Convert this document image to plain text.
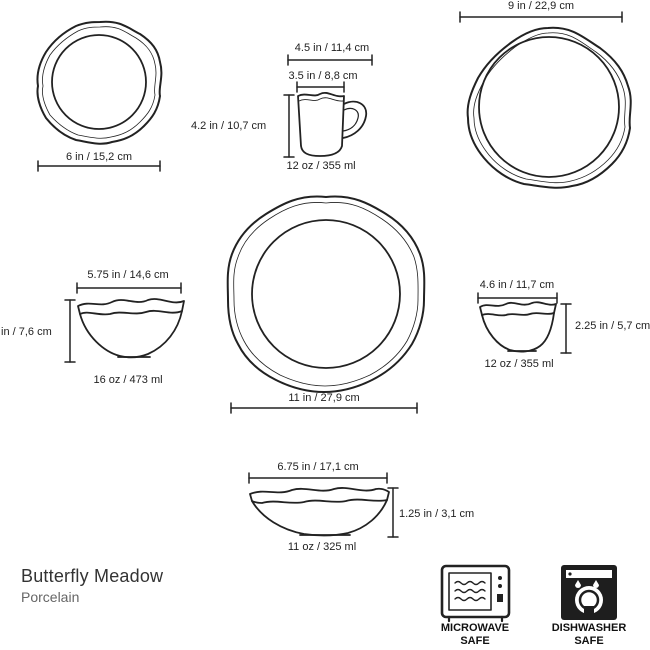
6 in / 15,2 cm
4.5 in / 11,4 cm
3.5 in / 8,8 cm
4.2 in / 10,7 cm
12 oz / 355 ml
9 in / 22,9 cm
5.75 in / 14,6 cm
in / 7,6 cm
16 oz / 473 ml
11 in / 27,9 cm
4.6 in / 11,7 cm
2.25 in / 5,7 cm
12 oz / 355 ml
6.75 in / 17,1 cm
1.25 in / 3,1 cm
11 oz / 325 ml
Butterfly Meadow
Porcelain
MICROWAVE
SAFE
DISHWASHER
SAFE
